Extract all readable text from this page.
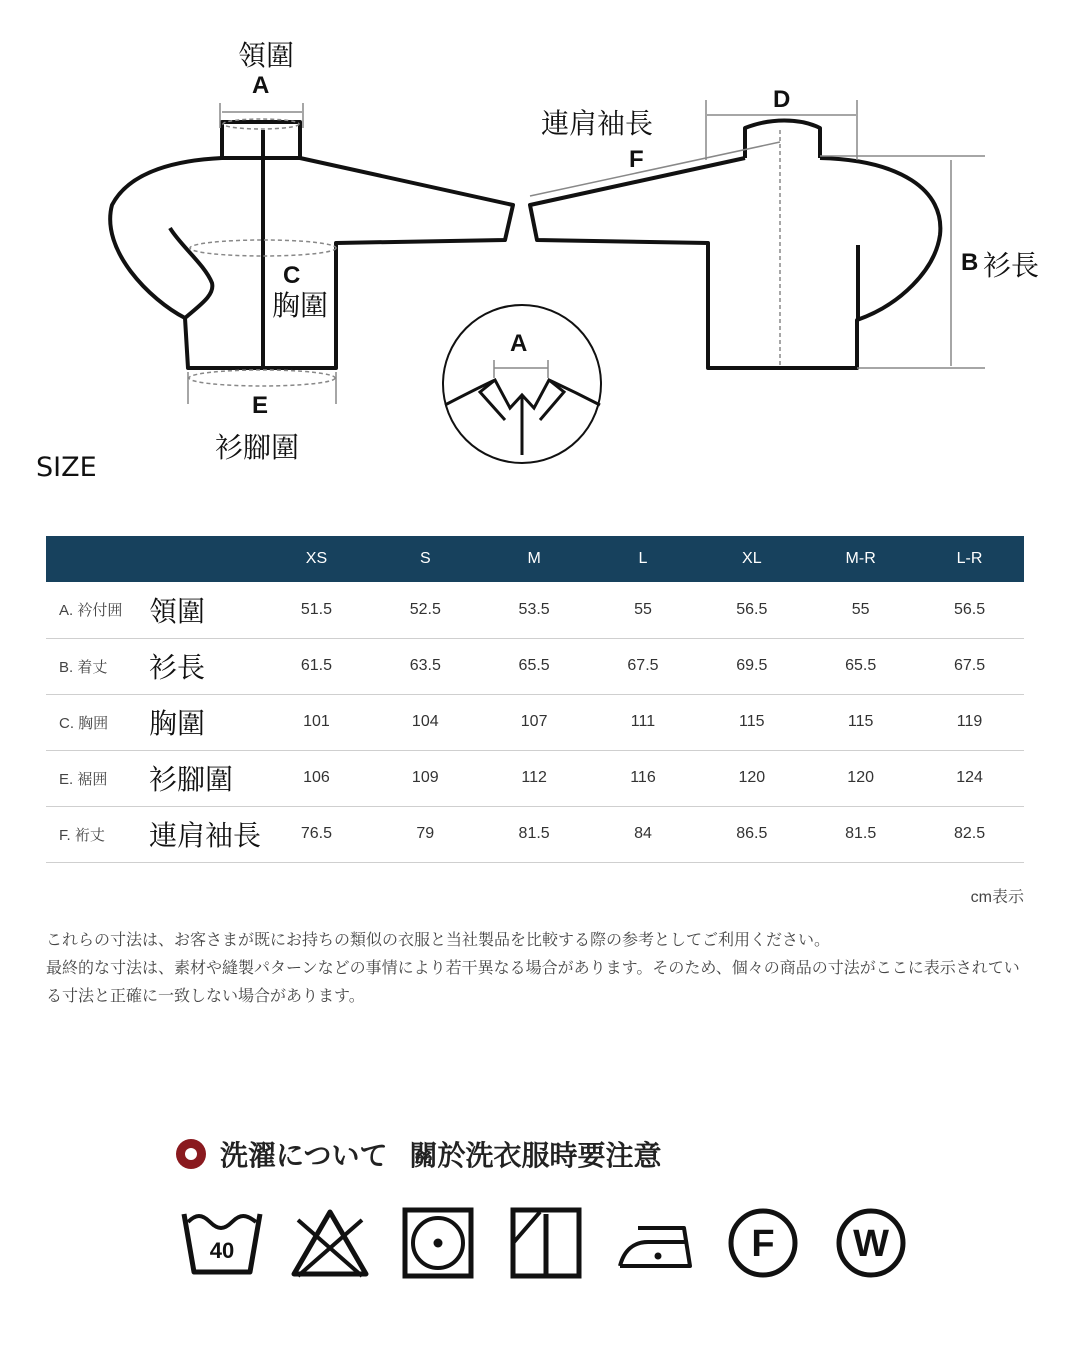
領圍
A
連肩袖長
D
F
C
胸圍
E
衫腳圍
A
B 衫長
SIZE
		XS	S	M	L	XL	M-R	L-R
A. 衿付囲	領圍	51.5	52.5	53.5	55	56.5	55	56.5
B. 着丈	衫長	61.5	63.5	65.5	67.5	69.5	65.5	67.5
C. 胸囲	胸圍	101	104	107	111	115	115	119
E. 裾囲	衫腳圍	106	109	112	116	120	120	124
F. 裄丈	連肩袖長	76.5	79	81.5	84	86.5	81.5	82.5
cm表示
これらの寸法は、お客さまが既にお持ちの類似の衣服と当社製品を比較する際の参考としてご利用ください。
最終的な寸法は、素材や縫製パターンなどの事情により若干異なる場合があります。そのため、個々の商品の寸法がここに表示されている寸法と正確に一致しない場合があります。
洗濯について 關於洗衣服時要注意
40	F W
